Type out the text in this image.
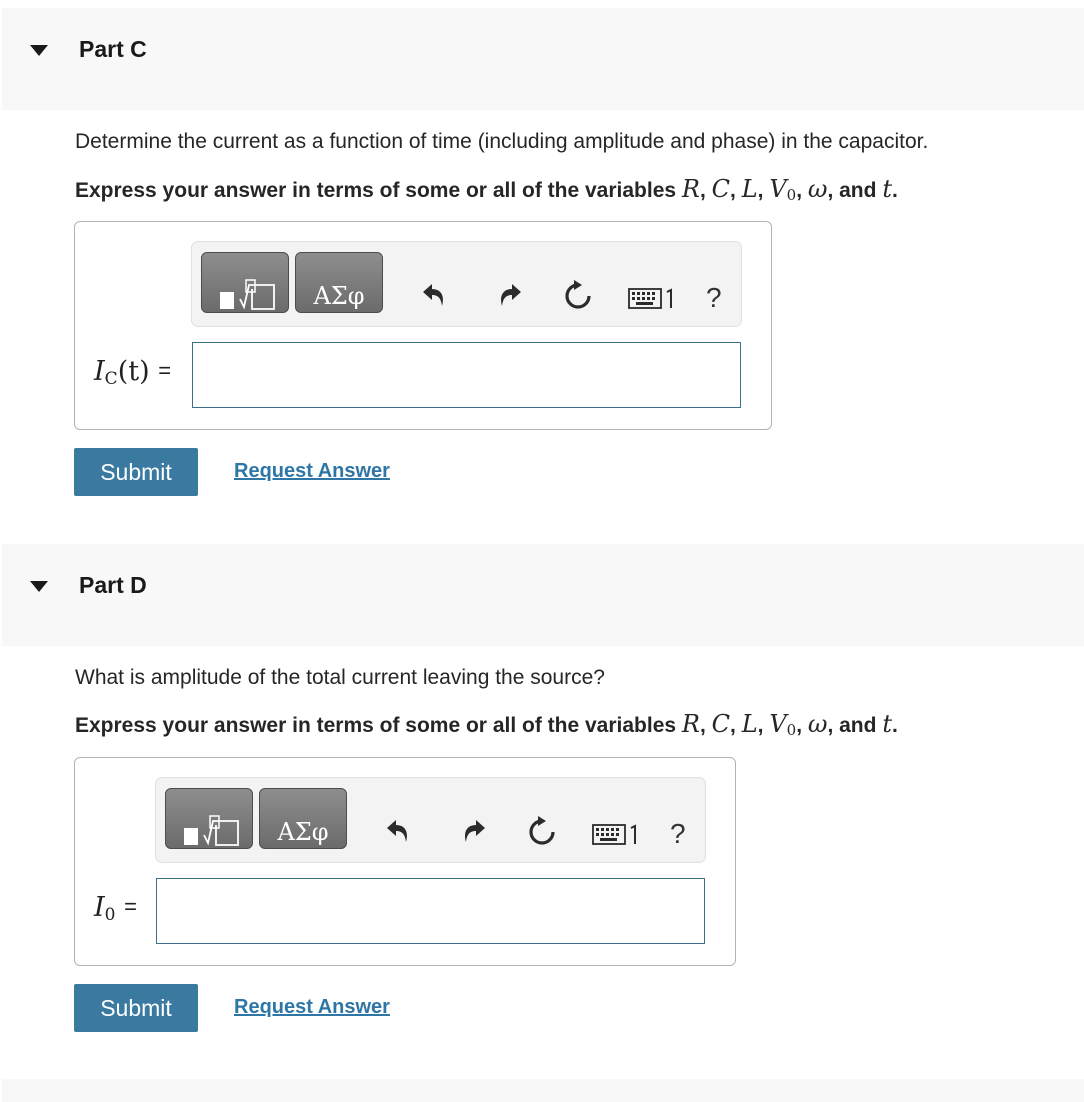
Part C
Determine the current as a function of time (including amplitude and phase) in the capacitor.
Express your answer in terms of some or all of the variables R, C, L, V0, ω, and t.
ΑΣφ	?
$I_C(t)$ =
Submit	Request Answer
Part D
What is amplitude of the total current leaving the source?
Express your answer in terms of some or all of the variables R, C, L, V0, ω, and t.
ΑΣφ	?
$I_0$ =
Submit	Request Answer
